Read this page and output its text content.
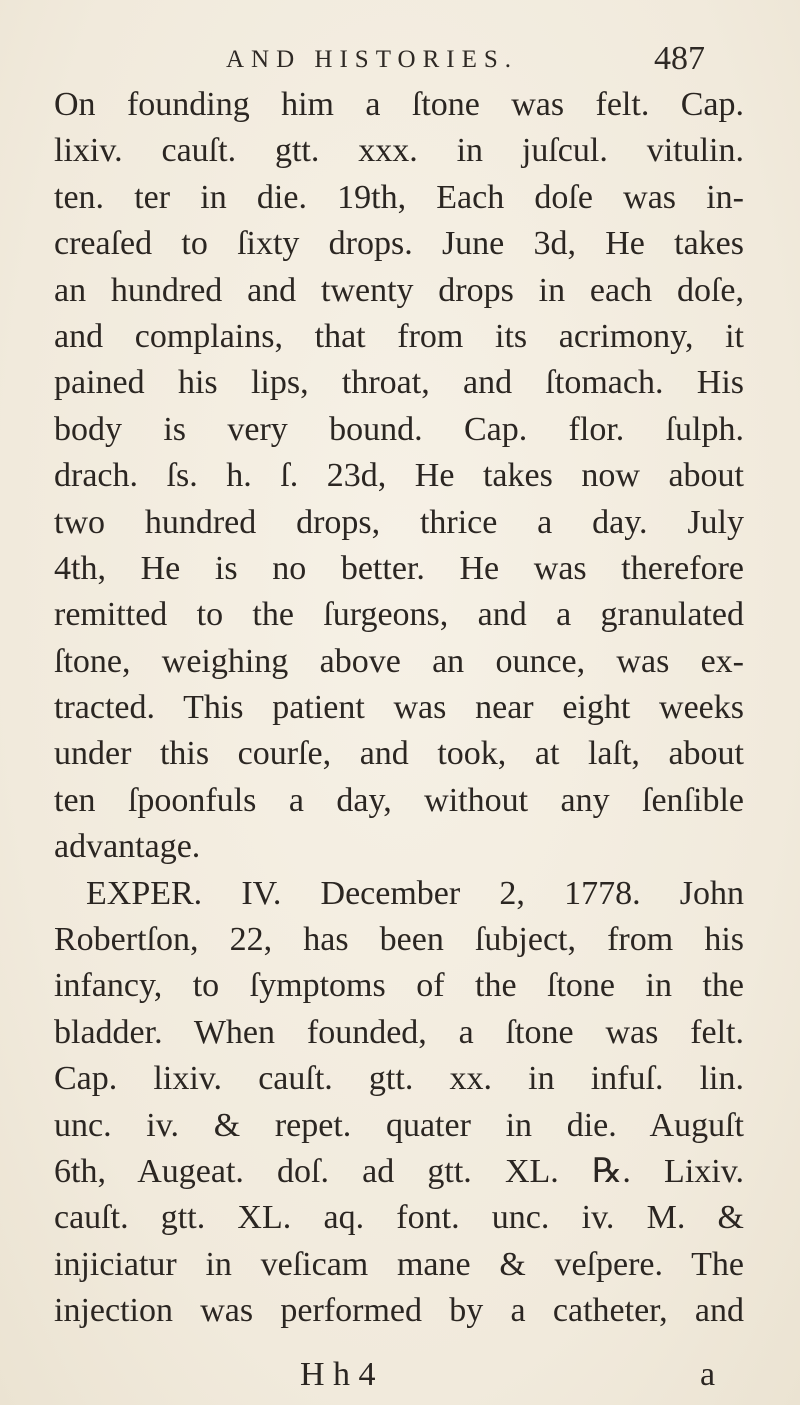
AND HISTORIES.	487
On founding him a ſtone was felt. Cap.
lixiv. cauſt. gtt. xxx. in juſcul. vitulin.
ten. ter in die. 19th, Each doſe was in-
creaſed to ſixty drops. June 3d, He takes
an hundred and twenty drops in each doſe,
and complains, that from its acrimony, it
pained his lips, throat, and ſtomach. His
body is very bound. Cap. flor. ſulph.
drach. ſs. h. ſ. 23d, He takes now about
two hundred drops, thrice a day. July
4th, He is no better. He was therefore
remitted to the ſurgeons, and a granulated
ſtone, weighing above an ounce, was ex-
tracted. This patient was near eight weeks
under this courſe, and took, at laſt, about
ten ſpoonfuls a day, without any ſenſible
advantage.
EXPER. IV. December 2, 1778. John
Robertſon, 22, has been ſubject, from his
infancy, to ſymptoms of the ſtone in the
bladder. When founded, a ſtone was felt.
Cap. lixiv. cauſt. gtt. xx. in infuſ. lin.
unc. iv. & repet. quater in die. Auguſt
6th, Augeat. doſ. ad gtt. XL. ℞. Lixiv.
cauſt. gtt. XL. aq. font. unc. iv. M. &
injiciatur in veſicam mane & veſpere. The
injection was performed by a catheter, and
H h 4	a
